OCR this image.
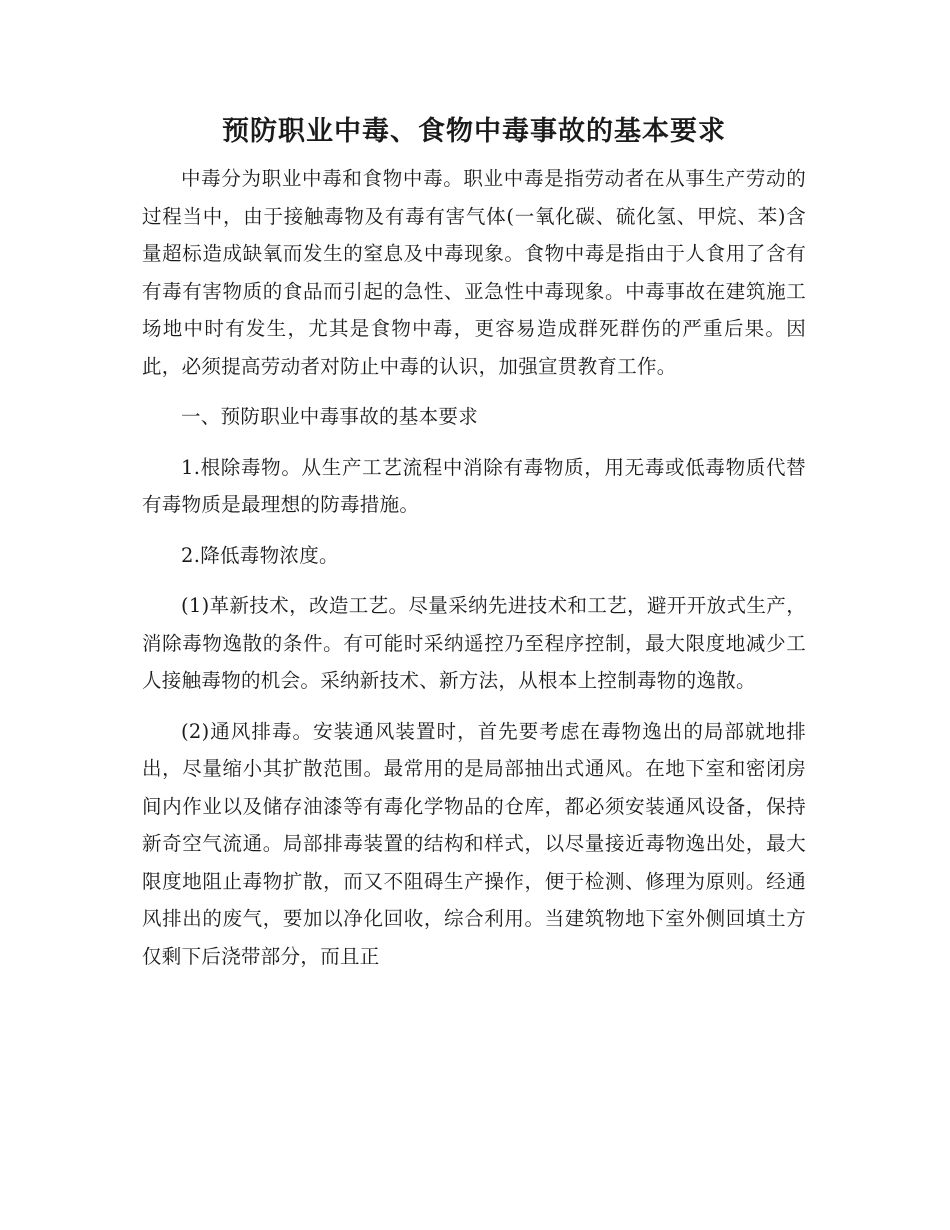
预防职业中毒、食物中毒事故的基本要求

中毒分为职业中毒和食物中毒。职业中毒是指劳动者在从事生产劳动的过程当中，由于接触毒物及有毒有害气体(一氧化碳、硫化氢、甲烷、苯)含量超标造成缺氧而发生的窒息及中毒现象。食物中毒是指由于人食用了含有有毒有害物质的食品而引起的急性、亚急性中毒现象。中毒事故在建筑施工场地中时有发生，尤其是食物中毒，更容易造成群死群伤的严重后果。因此，必须提高劳动者对防止中毒的认识，加强宣贯教育工作。

一、预防职业中毒事故的基本要求

1.根除毒物。从生产工艺流程中消除有毒物质，用无毒或低毒物质代替有毒物质是最理想的防毒措施。

2.降低毒物浓度。

(1)革新技术，改造工艺。尽量采纳先进技术和工艺，避开开放式生产，消除毒物逸散的条件。有可能时采纳遥控乃至程序控制，最大限度地减少工人接触毒物的机会。采纳新技术、新方法，从根本上控制毒物的逸散。

(2)通风排毒。安装通风装置时，首先要考虑在毒物逸出的局部就地排出，尽量缩小其扩散范围。最常用的是局部抽出式通风。在地下室和密闭房间内作业以及储存油漆等有毒化学物品的仓库，都必须安装通风设备，保持新奇空气流通。局部排毒装置的结构和样式，以尽量接近毒物逸出处，最大限度地阻止毒物扩散，而又不阻碍生产操作，便于检测、修理为原则。经通风排出的废气，要加以净化回收，综合利用。当建筑物地下室外侧回填土方仅剩下后浇带部分，而且正
